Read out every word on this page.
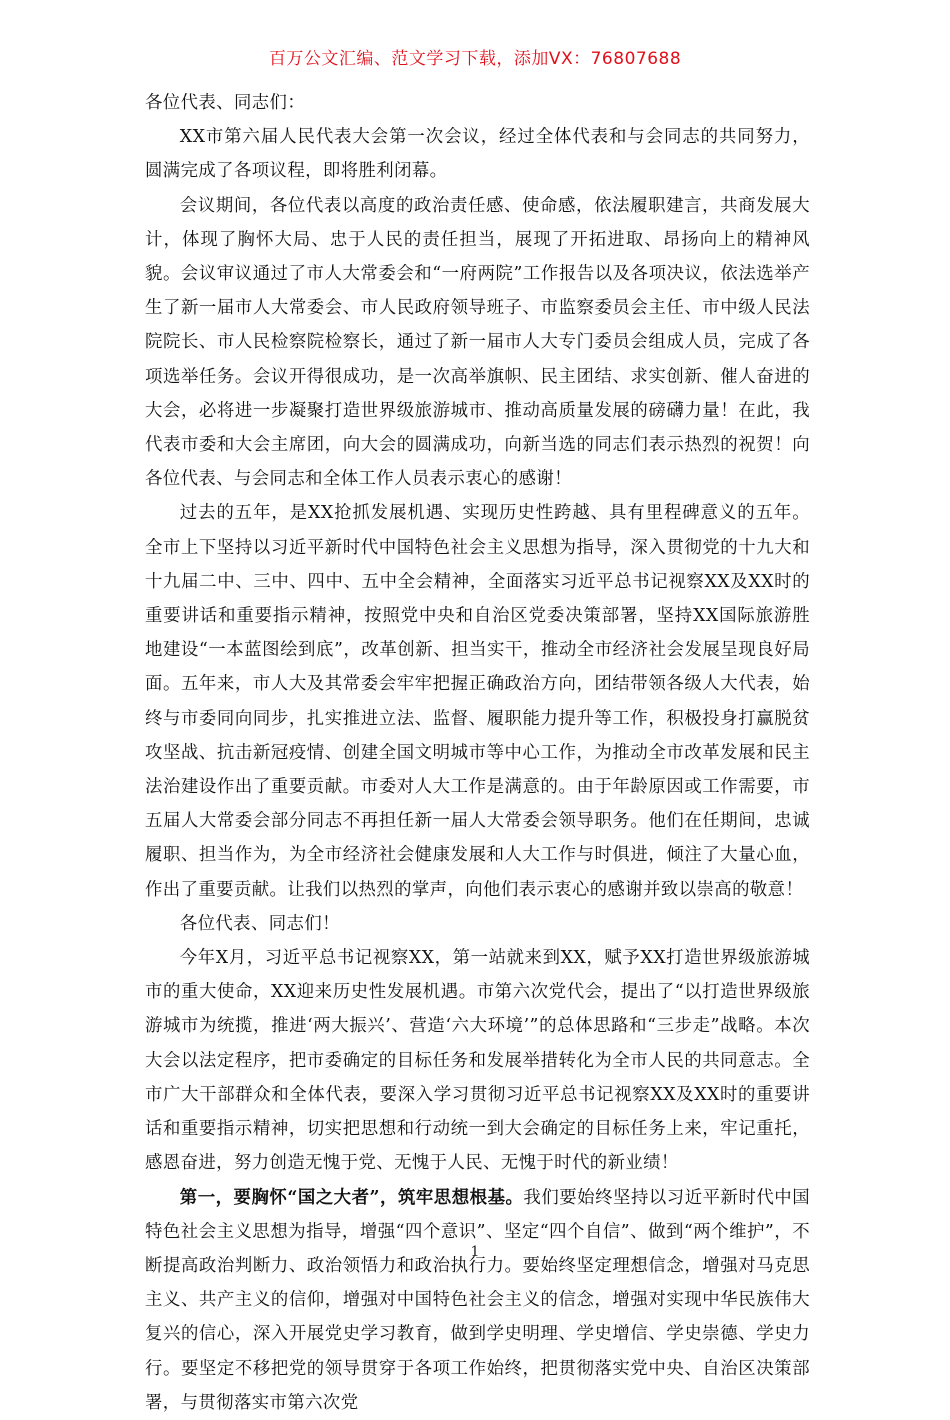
百万公文汇编、范文学习下载，添加VX：76807688

各位代表、同志们：

XX市第六届人民代表大会第一次会议，经过全体代表和与会同志的共同努力，圆满完成了各项议程，即将胜利闭幕。

会议期间，各位代表以高度的政治责任感、使命感，依法履职建言，共商发展大计，体现了胸怀大局、忠于人民的责任担当，展现了开拓进取、昂扬向上的精神风貌。会议审议通过了市人大常委会和“一府两院”工作报告以及各项决议，依法选举产生了新一届市人大常委会、市人民政府领导班子、市监察委员会主任、市中级人民法院院长、市人民检察院检察长，通过了新一届市人大专门委员会组成人员，完成了各项选举任务。会议开得很成功，是一次高举旗帜、民主团结、求实创新、催人奋进的大会，必将进一步凝聚打造世界级旅游城市、推动高质量发展的磅礴力量！在此，我代表市委和大会主席团，向大会的圆满成功，向新当选的同志们表示热烈的祝贺！向各位代表、与会同志和全体工作人员表示衷心的感谢！

过去的五年，是XX抢抓发展机遇、实现历史性跨越、具有里程碑意义的五年。全市上下坚持以习近平新时代中国特色社会主义思想为指导，深入贯彻党的十九大和十九届二中、三中、四中、五中全会精神，全面落实习近平总书记视察XX及XX时的重要讲话和重要指示精神，按照党中央和自治区党委决策部署，坚持XX国际旅游胜地建设“一本蓝图绘到底”，改革创新、担当实干，推动全市经济社会发展呈现良好局面。五年来，市人大及其常委会牢牢把握正确政治方向，团结带领各级人大代表，始终与市委同向同步，扎实推进立法、监督、履职能力提升等工作，积极投身打赢脱贫攻坚战、抗击新冠疫情、创建全国文明城市等中心工作，为推动全市改革发展和民主法治建设作出了重要贡献。市委对人大工作是满意的。由于年龄原因或工作需要，市五届人大常委会部分同志不再担任新一届人大常委会领导职务。他们在任期间，忠诚履职、担当作为，为全市经济社会健康发展和人大工作与时俱进，倾注了大量心血，作出了重要贡献。让我们以热烈的掌声，向他们表示衷心的感谢并致以崇高的敬意！

各位代表、同志们！

今年X月，习近平总书记视察XX，第一站就来到XX，赋予XX打造世界级旅游城市的重大使命，XX迎来历史性发展机遇。市第六次党代会，提出了“以打造世界级旅游城市为统揽，推进‘两大振兴’、营造‘六大环境’”的总体思路和“三步走”战略。本次大会以法定程序，把市委确定的目标任务和发展举措转化为全市人民的共同意志。全市广大干部群众和全体代表，要深入学习贯彻习近平总书记视察XX及XX时的重要讲话和重要指示精神，切实把思想和行动统一到大会确定的目标任务上来，牢记重托，感恩奋进，努力创造无愧于党、无愧于人民、无愧于时代的新业绩！

第一，要胸怀“国之大者”，筑牢思想根基。我们要始终坚持以习近平新时代中国特色社会主义思想为指导，增强“四个意识”、坚定“四个自信”、做到“两个维护”，不断提高政治判断力、政治领悟力和政治执行力。要始终坚定理想信念，增强对马克思主义、共产主义的信仰，增强对中国特色社会主义的信念，增强对实现中华民族伟大复兴的信心，深入开展党史学习教育，做到学史明理、学史增信、学史崇德、学史力行。要坚定不移把党的领导贯穿于各项工作始终，把贯彻落实党中央、自治区决策部署，与贯彻落实市第六次党

1
